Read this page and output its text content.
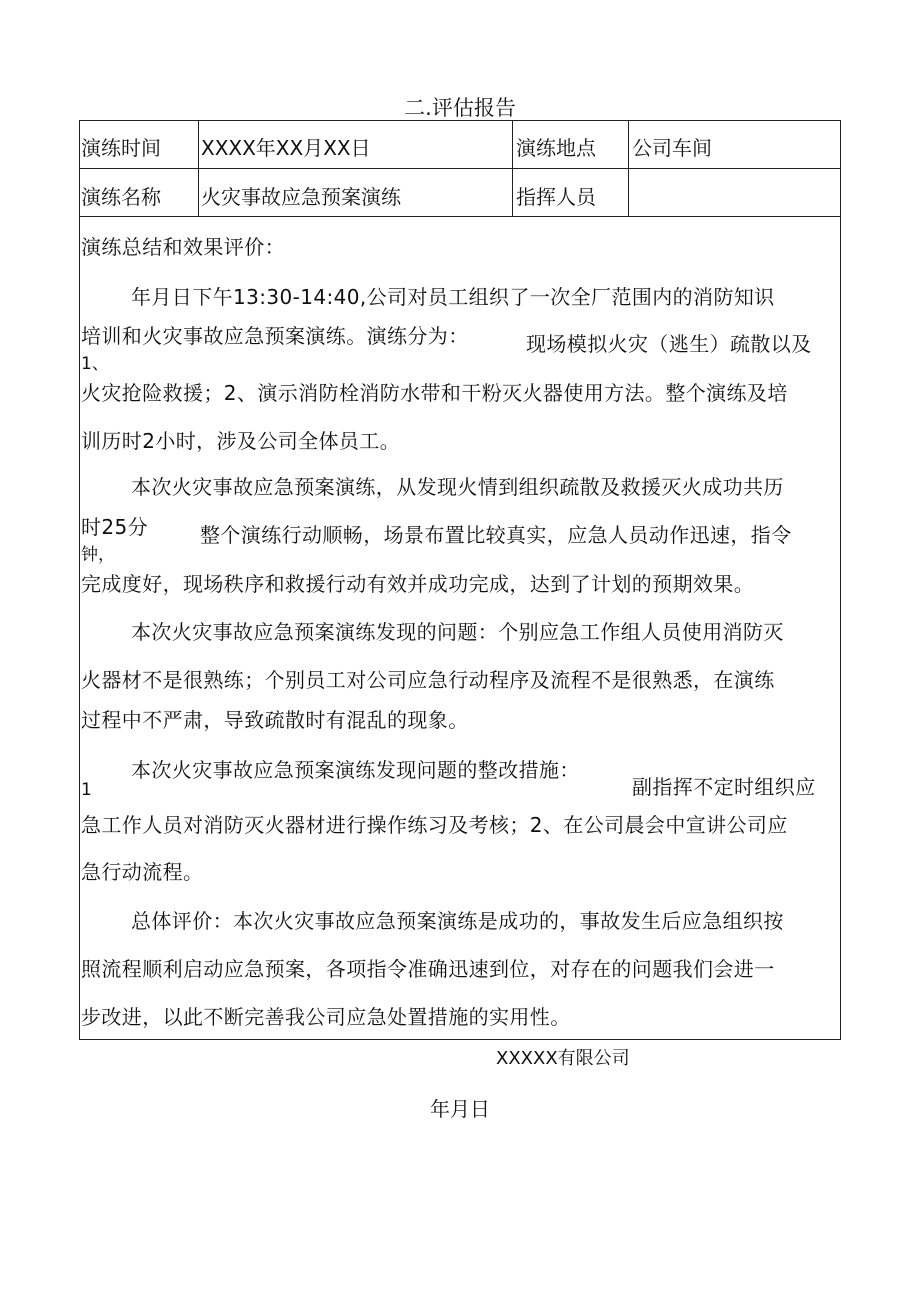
二.评估报告
演练时间 XXXX年XX月XX日	演练地点 公司车间
演练名称 火灾事故应急预案演练	指挥人员
演练总结和效果评价：
年月日下午13:30-14:40,公司对员工组织了一次全厂范围内的消防知识
培训和火灾事故应急预案演练。演练分为：
1、
现场模拟火灾（逃生）疏散以及
火灾抢险救援；2、演示消防栓消防水带和干粉灭火器使用方法。整个演练及培
训历时2小时，涉及公司全体员工。
本次火灾事故应急预案演练，从发现火情到组织疏散及救援灭火成功共历
时25分
钟，
整个演练行动顺畅，场景布置比较真实，应急人员动作迅速，指令
完成度好，现场秩序和救援行动有效并成功完成，达到了计划的预期效果。
本次火灾事故应急预案演练发现的问题：个别应急工作组人员使用消防灭
火器材不是很熟练；个别员工对公司应急行动程序及流程不是很熟悉，在演练
过程中不严肃，导致疏散时有混乱的现象。
本次火灾事故应急预案演练发现问题的整改措施：
1	副指挥不定时组织应
急工作人员对消防灭火器材进行操作练习及考核；2、在公司晨会中宣讲公司应
急行动流程。
总体评价：本次火灾事故应急预案演练是成功的，事故发生后应急组织按
照流程顺利启动应急预案，各项指令准确迅速到位，对存在的问题我们会进一
步改进，以此不断完善我公司应急处置措施的实用性。
XXXXX有限公司
年月日
